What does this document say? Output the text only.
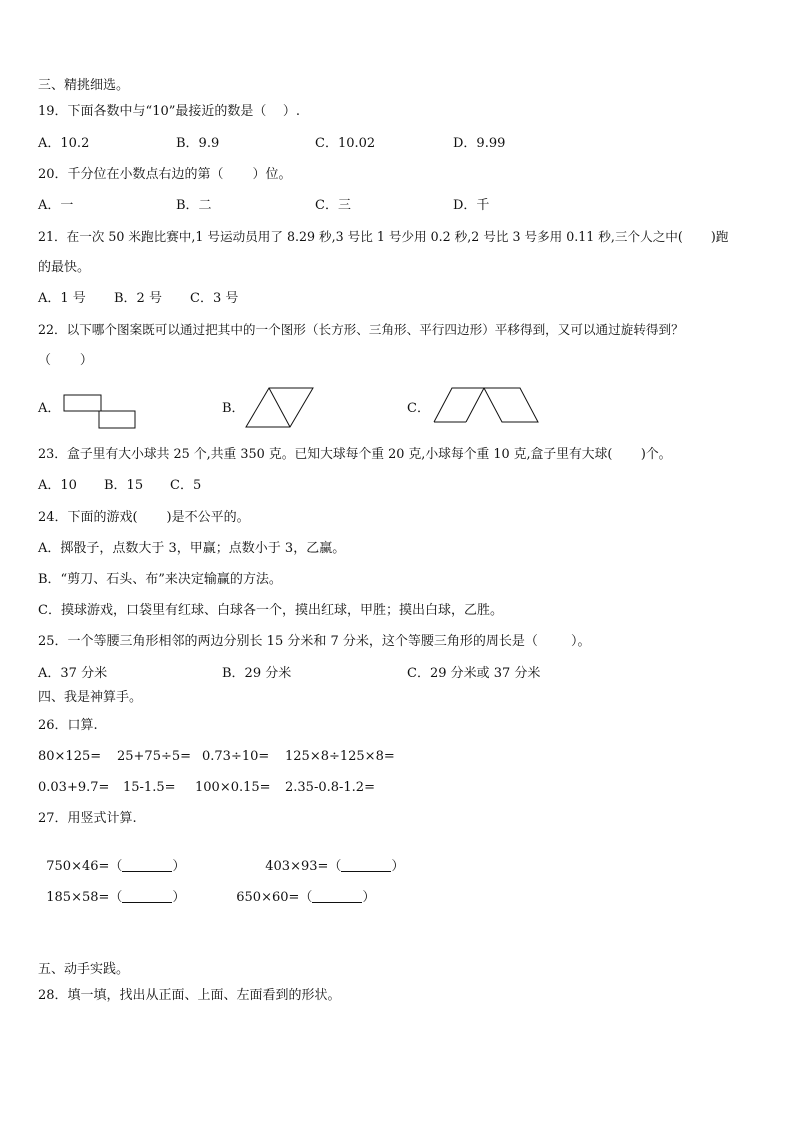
三、精挑细选。
19．下面各数中与“10”最接近的数是（    ）.
A．10.2	B．9.9	C．10.02	D．9.99
20．千分位在小数点右边的第（       ）位。
A．一	B．二	C．三	D．千
21．在一次 50 米跑比赛中,1 号运动员用了 8.29 秒,3 号比 1 号少用 0.2 秒,2 号比 3 号多用 0.11 秒,三个人之中(       )跑
的最快。
A．1 号 B．2 号 C．3 号
22．以下哪个图案既可以通过把其中的一个图形（长方形、三角形、平行四边形）平移得到，又可以通过旋转得到？
（       ）
A．	B．	C．
23．盒子里有大小球共 25 个,共重 350 克。已知大球每个重 20 克,小球每个重 10 克,盒子里有大球(       )个。
A．10 B．15 C．5
24．下面的游戏(       )是不公平的。
A．掷骰子，点数大于 3，甲赢；点数小于 3，乙赢。
B．“剪刀、石头、布”来决定输赢的方法。
C．摸球游戏，口袋里有红球、白球各一个，摸出红球，甲胜；摸出白球，乙胜。
25．一个等腰三角形相邻的两边分别长 15 分米和 7 分米，这个等腰三角形的周长是（        ）。
A．37 分米	B．29 分米	C．29 分米或 37 分米
四、我是神算手。
26．口算.
80×125= 25+75÷5= 0.73÷10= 125×8÷125×8=
0.03+9.7= 15-1.5= 100×0.15= 2.35-0.8-1.2=
27．用竖式计算.

750×46=（	）	403×93=（	）

185×58=（	）	650×60=（	）

五、动手实践。
28．填一填，找出从正面、上面、左面看到的形状。
